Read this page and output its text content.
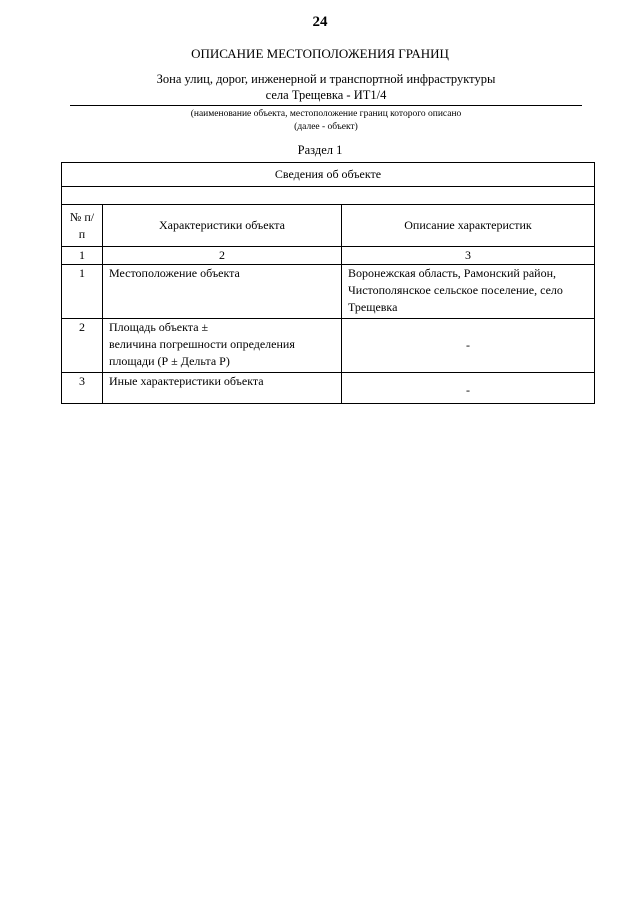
24
ОПИСАНИЕ МЕСТОПОЛОЖЕНИЯ ГРАНИЦ
Зона улиц, дорог, инженерной и транспортной инфраструктуры
села Трещевка - ИТ1/4
(наименование объекта, местоположение границ которого описано
(далее - объект)
Раздел 1
Сведения об объекте		

№ п/п	Характеристики объекта	Описание характеристик
1	2	3
1	Местоположение объекта	Воронежская область, Рамонский район, Чистополянское сельское поселение, село Трещевка
2	Площадь объекта ±
величина погрешности определения площади (Р ± Дельта Р)	-
3	Иные характеристики объекта	-
